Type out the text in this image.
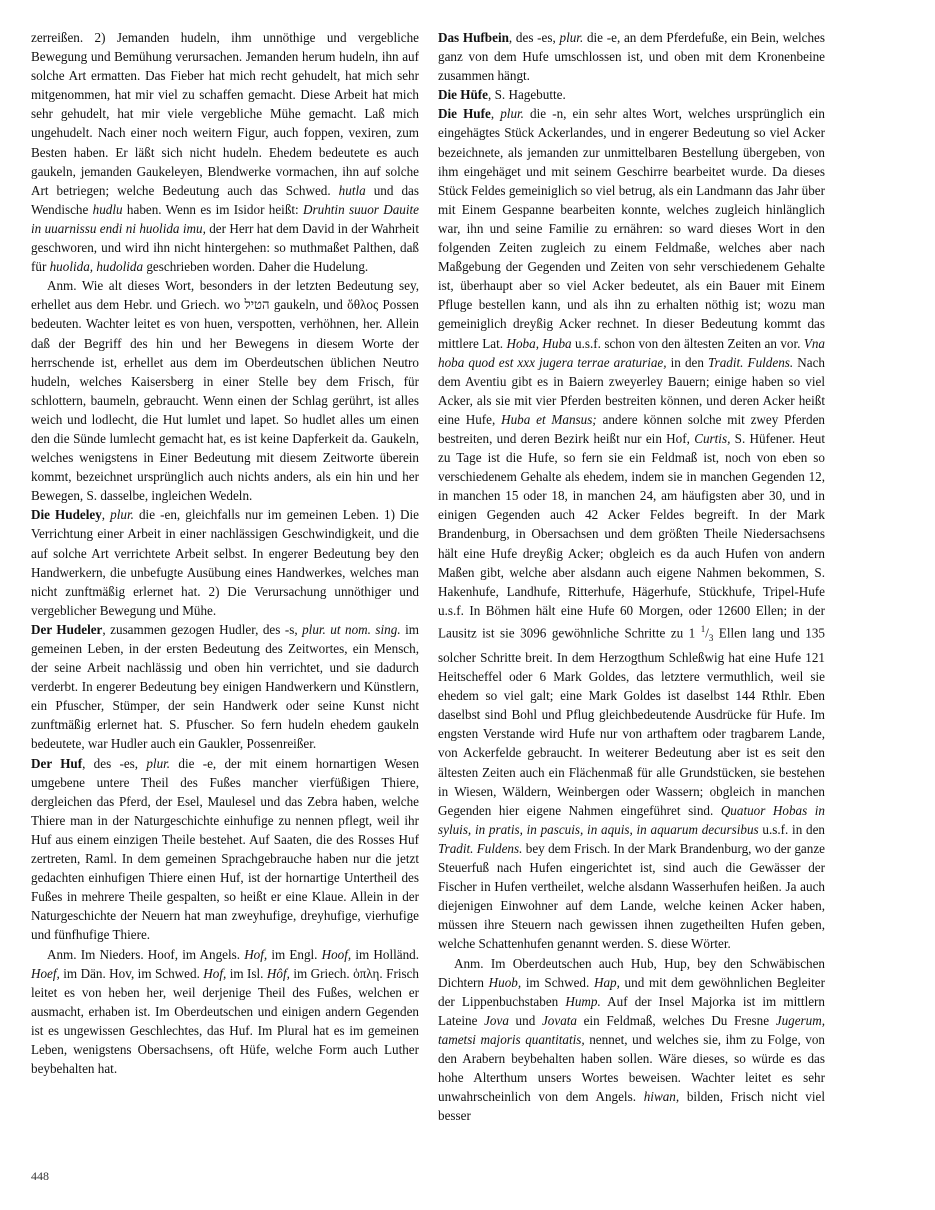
zerreißen. 2) Jemanden hudeln, ihm unnöthige und vergebliche Bewegung und Bemühung verursachen. Jemanden herum hudeln, ihn auf solche Art ermatten. Das Fieber hat mich recht gehudelt, hat mich sehr mitgenommen, hat mir viel zu schaffen gemacht. Diese Arbeit hat mich sehr gehudelt, hat mir viele vergebliche Mühe gemacht. Laß mich ungehudelt. Nach einer noch weitern Figur, auch foppen, vexiren, zum Besten haben. Er läßt sich nicht hudeln. Ehedem bedeutete es auch gaukeln, jemanden Gaukeleyen, Blendwerke vormachen, ihn auf solche Art betriegen; welche Bedeutung auch das Schwed. hutla und das Wendische hudlu haben. Wenn es im Isidor heißt: Druhtin suuor Dauite in uuarnissu endi ni huolida imu, der Herr hat dem David in der Wahrheit geschworen, und wird ihn nicht hintergehen: so muthmaßet Palthen, daß für huolida, hudolida geschrieben worden. Daher die Hudelung.

Anm. Wie alt dieses Wort, besonders in der letzten Bedeutung sey, erhellet aus dem Hebr. und Griech. wo הטיל gaukeln, und ὅθλος Possen bedeuten. Wachter leitet es von huen, verspotten, verhöhnen, her. Allein daß der Begriff des hin und her Bewegens in diesem Worte der herrschende ist, erhellet aus dem im Oberdeutschen üblichen Neutro hudeln, welches Kaisersberg in einer Stelle bey dem Frisch, für schlottern, baumeln, gebraucht. Wenn einen der Schlag gerührt, ist alles weich und lodlecht, die Hut lumlet und lapet. So hudlet alles um einen den die Sünde lumlecht gemacht hat, es ist keine Dapferkeit da. Gaukeln, welches wenigstens in Einer Bedeutung mit diesem Zeitworte überein kommt, bezeichnet ursprünglich auch nichts anders, als ein hin und her Bewegen, S. dasselbe, ingleichen Wedeln.

Die Hudeley, plur. die -en, gleichfalls nur im gemeinen Leben. 1) Die Verrichtung einer Arbeit in einer nachlässigen Geschwindigkeit, und die auf solche Art verrichtete Arbeit selbst. In engerer Bedeutung bey den Handwerkern, die unbefugte Ausübung eines Handwerkes, welches man nicht zunftmäßig erlernet hat. 2) Die Verursachung unnöthiger und vergeblicher Bewegung und Mühe.

Der Hudeler, zusammen gezogen Hudler, des -s, plur. ut nom. sing. im gemeinen Leben, in der ersten Bedeutung des Zeitwortes, ein Mensch, der seine Arbeit nachlässig und oben hin verrichtet, und sie dadurch verderbt. In engerer Bedeutung bey einigen Handwerkern und Künstlern, ein Pfuscher, Stümper, der sein Handwerk oder seine Kunst nicht zunftmäßig erlernet hat. S. Pfuscher. So fern hudeln ehedem gaukeln bedeutete, war Hudler auch ein Gaukler, Possenreißer.

Der Huf, des -es, plur. die -e, der mit einem hornartigen Wesen umgebene untere Theil des Fußes mancher vierfüßigen Thiere, dergleichen das Pferd, der Esel, Maulesel und das Zebra haben, welche Thiere man in der Naturgeschichte einhufige zu nennen pflegt, weil ihr Huf aus einem einzigen Theile bestehet. Auf Saaten, die des Rosses Huf zertreten, Raml. In dem gemeinen Sprachgebrauche haben nur die jetzt gedachten einhufigen Thiere einen Huf, ist der hornartige Untertheil des Fußes in mehrere Theile gespalten, so heißt er eine Klaue. Allein in der Naturgeschichte der Neuern hat man zweyhufige, dreyhufige, vierhufige und fünfhufige Thiere.

Anm. Im Nieders. Hoof, im Angels. Hof, im Engl. Hoof, im Holländ. Hoef, im Dän. Hov, im Schwed. Hof, im Isl. Hôf, im Griech. ὁπλη. Frisch leitet es von heben her, weil derjenige Theil des Fußes, welchen er ausmacht, erhaben ist. Im Oberdeutschen und einigen andern Gegenden ist es ungewissen Geschlechtes, das Huf. Im Plural hat es im gemeinen Leben, wenigstens Obersachsens, oft Hüfe, welche Form auch Luther beybehalten hat.

Das Hufbein, des -es, plur. die -e, an dem Pferdefuße, ein Bein, welches ganz von dem Hufe umschlossen ist, und oben mit dem Kronenbeine zusammen hängt.

Die Hüfe, S. Hagebutte.

Die Hufe, plur. die -n, ein sehr altes Wort, welches ursprünglich ein eingehägtes Stück Ackerlandes, und in engerer Bedeutung so viel Acker bezeichnete, als jemanden zur unmittelbaren Bestellung übergeben, von ihm eingehäget und mit seinem Geschirre bearbeitet wurde. Da dieses Stück Feldes gemeiniglich so viel betrug, als ein Landmann das Jahr über mit Einem Gespanne bearbeiten konnte, welches zugleich hinlänglich war, ihn und seine Familie zu ernähren: so ward dieses Wort in den folgenden Zeiten zugleich zu einem Feldmaße, welches aber nach Maßgebung der Gegenden und Zeiten von sehr verschiedenem Gehalte ist, überhaupt aber so viel Acker bedeutet, als ein Bauer mit Einem Pfluge bestellen kann, und als ihn zu erhalten nöthig ist; wozu man gemeiniglich dreyßig Acker rechnet. In dieser Bedeutung kommt das mittlere Lat. Hoba, Huba u.s.f. schon von den ältesten Zeiten an vor. Vna hoba quod est xxx jugera terrae araturiae, in den Tradit. Fuldens. Nach dem Aventiu gibt es in Baiern zweyerley Bauern; einige haben so viel Acker, als sie mit vier Pferden bestreiten können, und deren Acker heißt eine Hufe, Huba et Mansus; andere können solche mit zwey Pferden bestreiten, und deren Bezirk heißt nur ein Hof, Curtis, S. Hüfener. Heut zu Tage ist die Hufe, so fern sie ein Feldmaß ist, noch von eben so verschiedenem Gehalte als ehedem, indem sie in manchen Gegenden 12, in manchen 15 oder 18, in manchen 24, am häufigsten aber 30, und in einigen Gegenden auch 42 Acker Feldes begreift. In der Mark Brandenburg, in Obersachsen und dem größten Theile Niedersachsens hält eine Hufe dreyßig Acker; obgleich es da auch Hufen von andern Maßen gibt, welche aber alsdann auch eigene Nahmen bekommen, S. Hakenhufe, Landhufe, Ritterhufe, Hägerhufe, Stückhufe, Tripel-Hufe u.s.f. In Böhmen hält eine Hufe 60 Morgen, oder 12600 Ellen; in der Lausitz ist sie 3096 gewöhnliche Schritte zu 1 $^1/_3$ Ellen lang und 135 solcher Schritte breit. In dem Herzogthum Schleßwig hat eine Hufe 121 Heitscheffel oder 6 Mark Goldes, das letztere vermuthlich, weil sie ehedem so viel galt; eine Mark Goldes ist daselbst 144 Rthlr. Eben daselbst sind Bohl und Pflug gleichbedeutende Ausdrücke für Hufe. Im engsten Verstande wird Hufe nur von arthaftem oder tragbarem Lande, von Ackerfelde gebraucht. In weiterer Bedeutung aber ist es seit den ältesten Zeiten auch ein Flächenmaß für alle Grundstücken, sie bestehen in Wiesen, Wäldern, Weinbergen oder Wassern; obgleich in manchen Gegenden hier eigene Nahmen eingeführet sind. Quatuor Hobas in syluis, in pratis, in pascuis, in aquis, in aquarum decursibus u.s.f. in den Tradit. Fuldens. bey dem Frisch. In der Mark Brandenburg, wo der ganze Steuerfuß nach Hufen eingerichtet ist, sind auch die Gewässer der Fischer in Hufen vertheilet, welche alsdann Wasserhufen heißen. Ja auch diejenigen Einwohner auf dem Lande, welche keinen Acker haben, müssen ihre Steuern nach gewissen ihnen zugetheilten Hufen geben, welche Schattenhufen genannt werden. S. diese Wörter.

Anm. Im Oberdeutschen auch Hub, Hup, bey den Schwäbischen Dichtern Huob, im Schwed. Hap, und mit dem gewöhnlichen Begleiter der Lippenbuchstaben Hump. Auf der Insel Majorka ist im mittlern Lateine Jova und Jovata ein Feldmaß, welches Du Fresne Jugerum, tametsi majoris quantitatis, nennet, und welches sie, ihm zu Folge, von den Arabern beybehalten haben sollen. Wäre dieses, so würde es das hohe Alterthum unsers Wortes beweisen. Wachter leitet es sehr unwahrscheinlich von dem Angels. hiwan, bilden, Frisch nicht viel besser

448
